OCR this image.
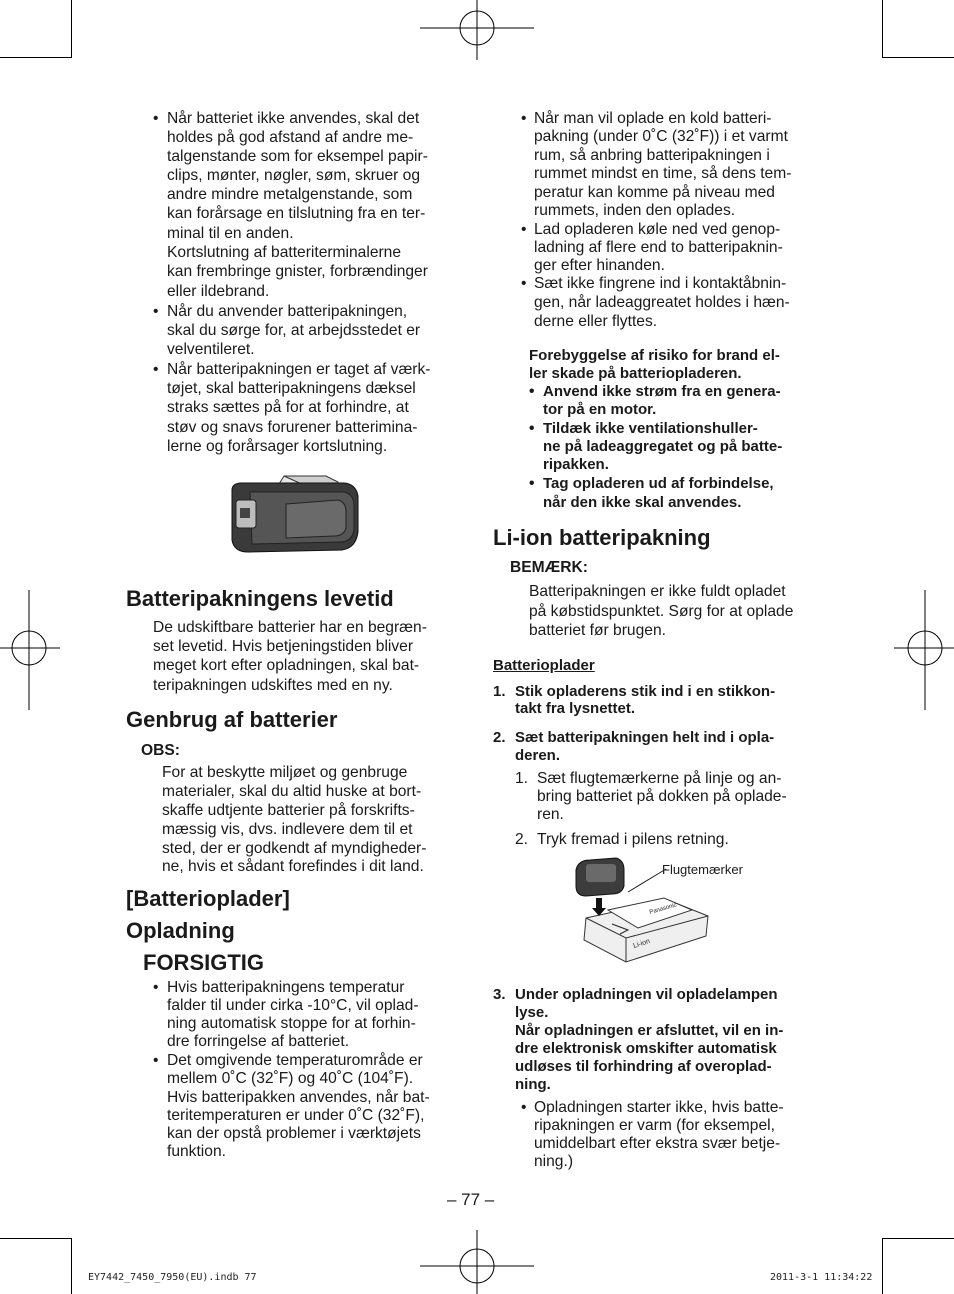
• Når batteriet ikke anvendes, skal det

holdes på god afstand af andre me-

talgenstande som for eksempel papir-

clips, mønter, nøgler, søm, skruer og

andre mindre metalgenstande, som

kan forårsage en tilslutning fra en ter-

minal til en anden.

Kortslutning af batteriterminalerne

kan frembringe gnister, forbrændinger

eller ildebrand.

• Når du anvender batteripakningen,

skal du sørge for, at arbejdsstedet er

velventileret.

• Når batteripakningen er taget af værk-

tøjet, skal batteripakningens dæksel

straks sættes på for at forhindre, at

støv og snavs forurener batterimina-

lerne og forårsager kortslutning.

Batteripakningens levetid

De udskiftbare batterier har en begræn-

set levetid. Hvis betjeningstiden bliver

meget kort efter opladningen, skal bat-

teripakningen udskiftes med en ny.

Genbrug af batterier

OBS:

For at beskytte miljøet og genbruge

materialer, skal du altid huske at bort-

skaffe udtjente batterier på forskrifts-

mæssig vis, dvs. indlevere dem til et

sted, der er godkendt af myndigheder-

ne, hvis et sådant forefindes i dit land.

[Batterioplader]
Opladning
FORSIGTIG
• Hvis batteripakningens temperatur

falder til under cirka -10°C, vil oplad-

ning automatisk stoppe for at forhin-

dre forringelse af batteriet.

• Det omgivende temperaturområde er

mellem 0˚C (32˚F) og 40˚C (104˚F).

Hvis batteripakken anvendes, når bat-

teritemperaturen er under 0˚C (32˚F),

kan der opstå problemer i værktøjets

funktion.

• Når man vil oplade en kold batteri-

pakning (under 0˚C (32˚F)) i et varmt

rum, så anbring batteripakningen i

rummet mindst en time, så dens tem-

peratur kan komme på niveau med

rummets, inden den oplades.

• Lad opladeren køle ned ved genop-

ladning af flere end to batteripaknin-

ger efter hinanden.

• Sæt ikke fingrene ind i kontaktåbnin-

gen, når ladeaggreatet holdes i hæn-

derne eller flyttes.

Forebyggelse af risiko for brand el-

ler skade på batteriopladeren.

• Anvend ikke strøm fra en genera-

tor på en motor.

• Tildæk ikke ventilationshuller-

ne på ladeaggregatet og på batte-

ripakken.

• Tag opladeren ud af forbindelse,

når den ikke skal anvendes.

Li-ion batteripakning

BEMÆRK:

Batteripakningen er ikke fuldt opladet

på købstidspunktet. Sørg for at oplade

batteriet før brugen.

Batterioplader

1. Stik opladerens stik ind i en stikkon-

takt fra lysnettet.

2. Sæt batteripakningen helt ind i opla-

deren.

1. Sæt flugtemærkerne på linje og an-

bring batteriet på dokken på oplade-

ren.

2. Tryk fremad i pilens retning.

Li-ion
Panasonic

Flugtemærker

3. Under opladningen vil opladelampen

lyse.

Når opladningen er afsluttet, vil en in-

dre elektronisk omskifter automatisk

udløses til forhindring af overoplad-

ning.

• Opladningen starter ikke, hvis batte-

ripakningen er varm (for eksempel,

umiddelbart efter ekstra svær betje-

ning.)

– 77 –

EY7442_7450_7950(EU).indb 77	2011-3-1 11:34:22
